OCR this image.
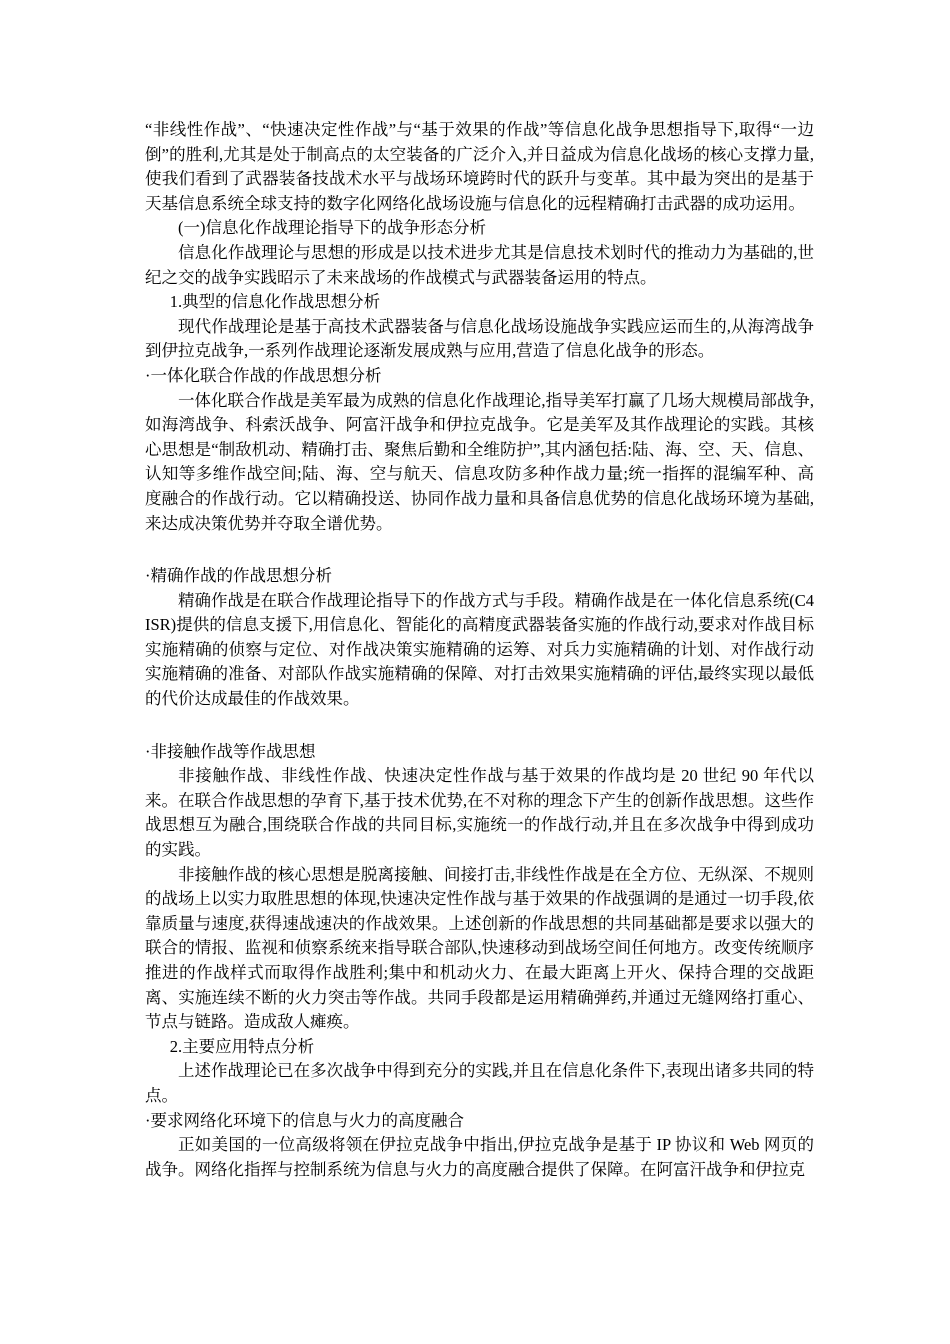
“非线性作战”、“快速决定性作战”与“基于效果的作战”等信息化战争思想指导下,取得“一边倒”的胜利,尤其是处于制高点的太空装备的广泛介入,并日益成为信息化战场的核心支撑力量,使我们看到了武器装备技战术水平与战场环境跨时代的跃升与变革。其中最为突出的是基于天基信息系统全球支持的数字化网络化战场设施与信息化的远程精确打击武器的成功运用。

(一)信息化作战理论指导下的战争形态分析

信息化作战理论与思想的形成是以技术进步尤其是信息技术划时代的推动力为基础的,世纪之交的战争实践昭示了未来战场的作战模式与武器装备运用的特点。

1.典型的信息化作战思想分析

现代作战理论是基于高技术武器装备与信息化战场设施战争实践应运而生的,从海湾战争到伊拉克战争,一系列作战理论逐渐发展成熟与应用,营造了信息化战争的形态。

·一体化联合作战的作战思想分析

一体化联合作战是美军最为成熟的信息化作战理论,指导美军打赢了几场大规模局部战争,如海湾战争、科索沃战争、阿富汗战争和伊拉克战争。它是美军及其作战理论的实践。其核心思想是“制敌机动、精确打击、聚焦后勤和全维防护”,其内涵包括:陆、海、空、天、信息、认知等多维作战空间;陆、海、空与航天、信息攻防多种作战力量;统一指挥的混编军种、高度融合的作战行动。它以精确投送、协同作战力量和具备信息优势的信息化战场环境为基础,来达成决策优势并夺取全谱优势。

·精确作战的作战思想分析

精确作战是在联合作战理论指导下的作战方式与手段。精确作战是在一体化信息系统(C4ISR)提供的信息支援下,用信息化、智能化的高精度武器装备实施的作战行动,要求对作战目标实施精确的侦察与定位、对作战决策实施精确的运筹、对兵力实施精确的计划、对作战行动实施精确的准备、对部队作战实施精确的保障、对打击效果实施精确的评估,最终实现以最低的代价达成最佳的作战效果。

·非接触作战等作战思想

非接触作战、非线性作战、快速决定性作战与基于效果的作战均是 20 世纪 90 年代以来。在联合作战思想的孕育下,基于技术优势,在不对称的理念下产生的创新作战思想。这些作战思想互为融合,围绕联合作战的共同目标,实施统一的作战行动,并且在多次战争中得到成功的实践。

非接触作战的核心思想是脱离接触、间接打击,非线性作战是在全方位、无纵深、不规则的战场上以实力取胜思想的体现,快速决定性作战与基于效果的作战强调的是通过一切手段,依靠质量与速度,获得速战速决的作战效果。上述创新的作战思想的共同基础都是要求以强大的联合的情报、监视和侦察系统来指导联合部队,快速移动到战场空间任何地方。改变传统顺序推进的作战样式而取得作战胜利;集中和机动火力、在最大距离上开火、保持合理的交战距离、实施连续不断的火力突击等作战。共同手段都是运用精确弹药,并通过无缝网络打重心、节点与链路。造成敌人瘫痪。

2.主要应用特点分析

上述作战理论已在多次战争中得到充分的实践,并且在信息化条件下,表现出诸多共同的特点。

·要求网络化环境下的信息与火力的高度融合

正如美国的一位高级将领在伊拉克战争中指出,伊拉克战争是基于 IP 协议和 Web 网页的战争。网络化指挥与控制系统为信息与火力的高度融合提供了保障。在阿富汗战争和伊拉克
